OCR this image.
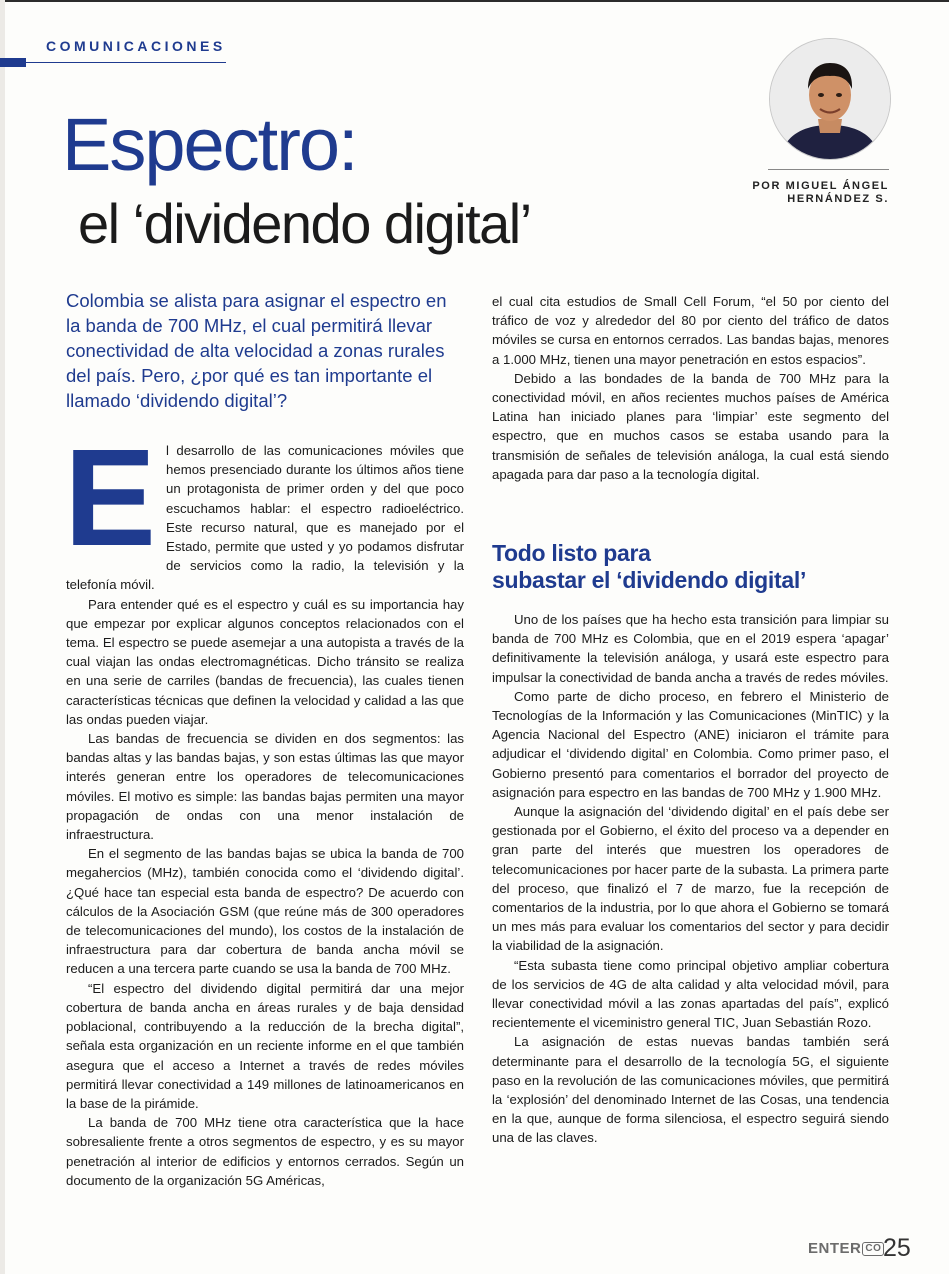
COMUNICACIONES
Espectro:
el ‘dividendo digital’
POR MIGUEL ÁNGEL
HERNÁNDEZ S.
Colombia se alista para asignar el espectro en la banda de 700 MHz, el cual permitirá llevar conectividad de alta velocidad a zonas rurales del país. Pero, ¿por qué es tan importante el llamado ‘dividendo digital’?

El desarrollo de las comunicaciones móviles que hemos presenciado durante los últimos años tiene un protagonista de primer orden y del que poco escuchamos hablar: el espectro radioeléctrico. Este recurso natural, que es manejado por el Estado, permite que usted y yo podamos disfrutar de servicios como la radio, la televisión y la telefonía móvil.

Para entender qué es el espectro y cuál es su importancia hay que empezar por explicar algunos conceptos relacionados con el tema. El espectro se puede asemejar a una autopista a través de la cual viajan las ondas electromagnéticas. Dicho tránsito se realiza en una serie de carriles (bandas de frecuencia), las cuales tienen características técnicas que definen la velocidad y calidad a las que las ondas pueden viajar.

Las bandas de frecuencia se dividen en dos segmentos: las bandas altas y las bandas bajas, y son estas últimas las que mayor interés generan entre los operadores de telecomunicaciones móviles. El motivo es simple: las bandas bajas permiten una mayor propagación de ondas con una menor instalación de infraestructura.

En el segmento de las bandas bajas se ubica la banda de 700 megahercios (MHz), también conocida como el ‘dividendo digital’. ¿Qué hace tan especial esta banda de espectro? De acuerdo con cálculos de la Asociación GSM (que reúne más de 300 operadores de telecomunicaciones del mundo), los costos de la instalación de infraestructura para dar cobertura de banda ancha móvil se reducen a una tercera parte cuando se usa la banda de 700 MHz.

“El espectro del dividendo digital permitirá dar una mejor cobertura de banda ancha en áreas rurales y de baja densidad poblacional, contribuyendo a la reducción de la brecha digital”, señala esta organización en un reciente informe en el que también asegura que el acceso a Internet a través de redes móviles permitirá llevar conectividad a 149 millones de latinoamericanos en la base de la pirámide.

La banda de 700 MHz tiene otra característica que la hace sobresaliente frente a otros segmentos de espectro, y es su mayor penetración al interior de edificios y entornos cerrados. Según un documento de la organización 5G Américas,

el cual cita estudios de Small Cell Forum, “el 50 por ciento del tráfico de voz y alrededor del 80 por ciento del tráfico de datos móviles se cursa en entornos cerrados. Las bandas bajas, menores a 1.000 MHz, tienen una mayor penetración en estos espacios”.

Debido a las bondades de la banda de 700 MHz para la conectividad móvil, en años recientes muchos países de América Latina han iniciado planes para ‘limpiar’ este segmento del espectro, que en muchos casos se estaba usando para la transmisión de señales de televisión análoga, la cual está siendo apagada para dar paso a la tecnología digital.

Todo listo para
subastar el ‘dividendo digital’

Uno de los países que ha hecho esta transición para limpiar su banda de 700 MHz es Colombia, que en el 2019 espera ‘apagar’ definitivamente la televisión análoga, y usará este espectro para impulsar la conectividad de banda ancha a través de redes móviles.

Como parte de dicho proceso, en febrero el Ministerio de Tecnologías de la Información y las Comunicaciones (MinTIC) y la Agencia Nacional del Espectro (ANE) iniciaron el trámite para adjudicar el ‘dividendo digital’ en Colombia. Como primer paso, el Gobierno presentó para comentarios el borrador del proyecto de asignación para espectro en las bandas de 700 MHz y 1.900 MHz.

Aunque la asignación del ‘dividendo digital’ en el país debe ser gestionada por el Gobierno, el éxito del proceso va a depender en gran parte del interés que muestren los operadores de telecomunicaciones por hacer parte de la subasta. La primera parte del proceso, que finalizó el 7 de marzo, fue la recepción de comentarios de la industria, por lo que ahora el Gobierno se tomará un mes más para evaluar los comentarios del sector y para decidir la viabilidad de la asignación.

“Esta subasta tiene como principal objetivo ampliar cobertura de los servicios de 4G de alta calidad y alta velocidad móvil, para llevar conectividad móvil a las zonas apartadas del país”, explicó recientemente el viceministro general TIC, Juan Sebastián Rozo.

La asignación de estas nuevas bandas también será determinante para el desarrollo de la tecnología 5G, el siguiente paso en la revolución de las comunicaciones móviles, que permitirá la ‘explosión’ del denominado Internet de las Cosas, una tendencia en la que, aunque de forma silenciosa, el espectro seguirá siendo una de las claves.

ENTER CO 25
